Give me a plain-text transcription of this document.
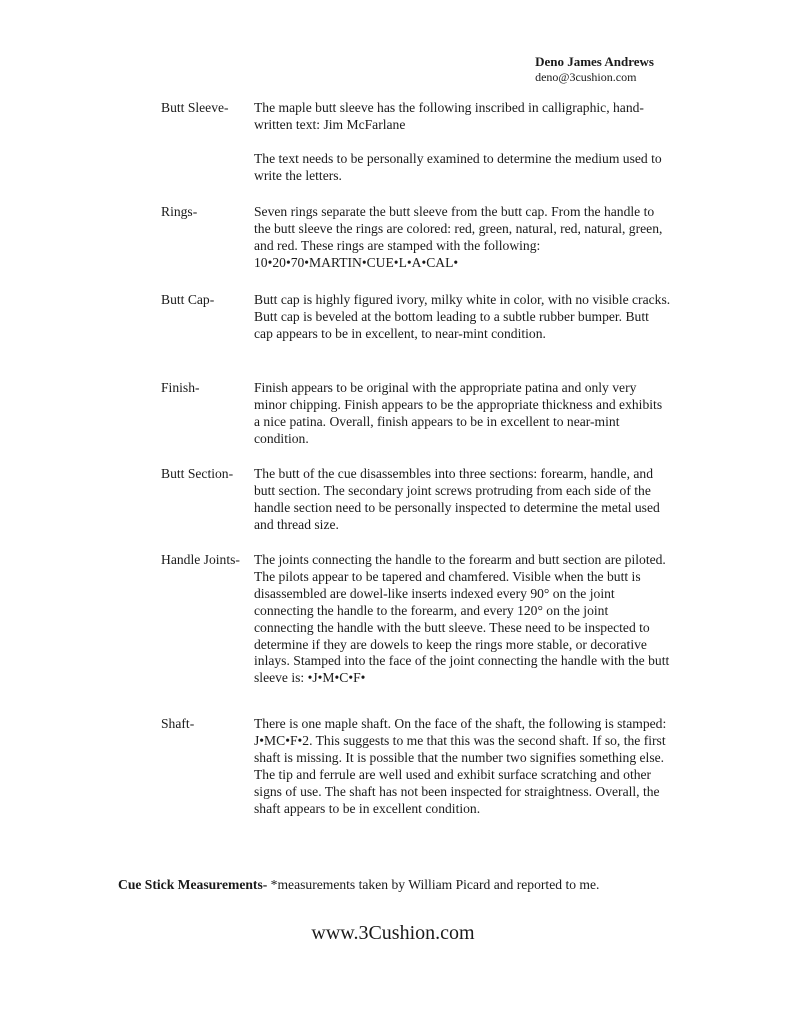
Deno James Andrews
deno@3cushion.com
Butt Sleeve- The maple butt sleeve has the following inscribed in calligraphic, hand-written text: Jim McFarlane

The text needs to be personally examined to determine the medium used to write the letters.

Rings-	Seven rings separate the butt sleeve from the butt cap. From the handle to the butt sleeve the rings are colored: red, green, natural, red, natural, green, and red. These rings are stamped with the following: 10•20•70•MARTIN•CUE•L•A•CAL•

Butt Cap-	Butt cap is highly figured ivory, milky white in color, with no visible cracks. Butt cap is beveled at the bottom leading to a subtle rubber bumper. Butt cap appears to be in excellent, to near-mint condition.

Finish-	Finish appears to be original with the appropriate patina and only very minor chipping. Finish appears to be the appropriate thickness and exhibits a nice patina. Overall, finish appears to be in excellent to near-mint condition.

Butt Section- The butt of the cue disassembles into three sections: forearm, handle, and butt section. The secondary joint screws protruding from each side of the handle section need to be personally inspected to determine the metal used and thread size.

Handle Joints- The joints connecting the handle to the forearm and butt section are piloted. The pilots appear to be tapered and chamfered. Visible when the butt is disassembled are dowel-like inserts indexed every 90° on the joint connecting the handle to the forearm, and every 120° on the joint connecting the handle with the butt sleeve. These need to be inspected to determine if they are dowels to keep the rings more stable, or decorative inlays. Stamped into the face of the joint connecting the handle with the butt sleeve is: •J•M•C•F•

Shaft-	There is one maple shaft. On the face of the shaft, the following is stamped: J•MC•F•2. This suggests to me that this was the second shaft. If so, the first shaft is missing. It is possible that the number two signifies something else. The tip and ferrule are well used and exhibit surface scratching and other signs of use. The shaft has not been inspected for straightness. Overall, the shaft appears to be in excellent condition.

Cue Stick Measurements- *measurements taken by William Picard and reported to me.
www.3Cushion.com
